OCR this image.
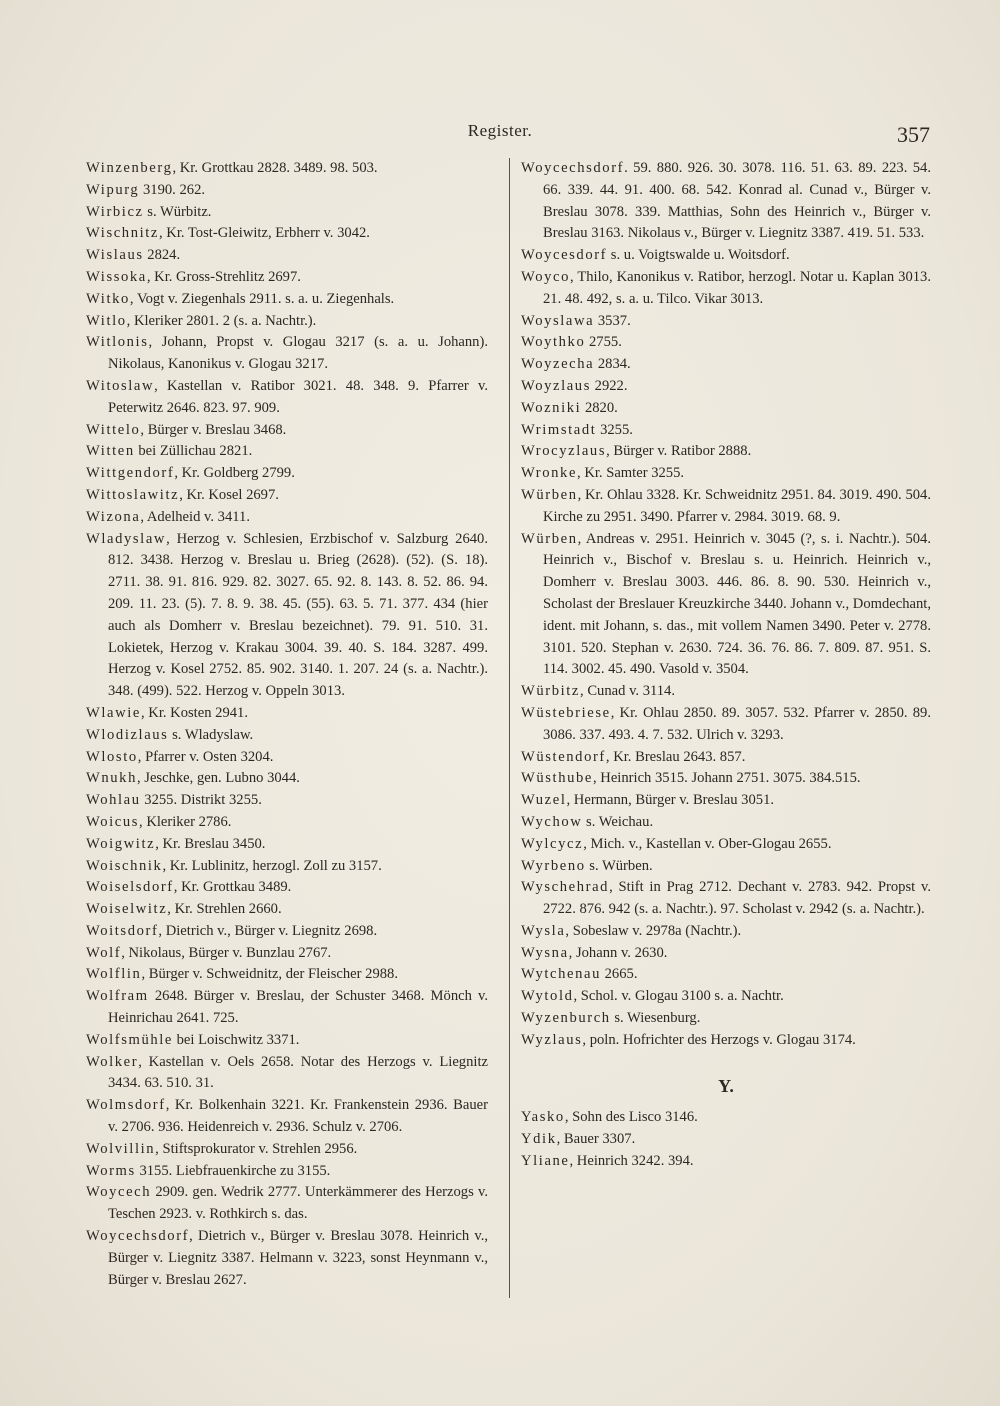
Register.	357
Winzenberg, Kr. Grottkau 2828. 3489. 98. 503.
Wipurg 3190. 262.
Wirbicz s. Würbitz.
Wischnitz, Kr. Tost-Gleiwitz, Erbherr v. 3042.
Wislaus 2824.
Wissoka, Kr. Gross-Strehlitz 2697.
Witko, Vogt v. Ziegenhals 2911. s. a. u. Ziegenhals.
Witlo, Kleriker 2801. 2 (s. a. Nachtr.).
Witlonis, Johann, Propst v. Glogau 3217 (s. a. u. Johann). Nikolaus, Kanonikus v. Glogau 3217.
Witoslaw, Kastellan v. Ratibor 3021. 48. 348. 9. Pfarrer v. Peterwitz 2646. 823. 97. 909.
Wittelo, Bürger v. Breslau 3468.
Witten bei Züllichau 2821.
Wittgendorf, Kr. Goldberg 2799.
Wittoslawitz, Kr. Kosel 2697.
Wizona, Adelheid v. 3411.
Wladyslaw, Herzog v. Schlesien, Erzbischof v. Salzburg 2640. 812. 3438. Herzog v. Breslau u. Brieg (2628). (52). (S. 18). 2711. 38. 91. 816. 929. 82. 3027. 65. 92. 8. 143. 8. 52. 86. 94. 209. 11. 23. (5). 7. 8. 9. 38. 45. (55). 63. 5. 71. 377. 434 (hier auch als Domherr v. Breslau bezeichnet). 79. 91. 510. 31. Lokietek, Herzog v. Krakau 3004. 39. 40. S. 184. 3287. 499. Herzog v. Kosel 2752. 85. 902. 3140. 1. 207. 24 (s. a. Nachtr.). 348. (499). 522. Herzog v. Oppeln 3013.
Wlawie, Kr. Kosten 2941.
Wlodizlaus s. Wladyslaw.
Wlosto, Pfarrer v. Osten 3204.
Wnukh, Jeschke, gen. Lubno 3044.
Wohlau 3255. Distrikt 3255.
Woicus, Kleriker 2786.
Woigwitz, Kr. Breslau 3450.
Woischnik, Kr. Lublinitz, herzogl. Zoll zu 3157.
Woiselsdorf, Kr. Grottkau 3489.
Woiselwitz, Kr. Strehlen 2660.
Woitsdorf, Dietrich v., Bürger v. Liegnitz 2698.
Wolf, Nikolaus, Bürger v. Bunzlau 2767.
Wolflin, Bürger v. Schweidnitz, der Fleischer 2988.
Wolfram 2648. Bürger v. Breslau, der Schuster 3468. Mönch v. Heinrichau 2641. 725.
Wolfsmühle bei Loischwitz 3371.
Wolker, Kastellan v. Oels 2658. Notar des Herzogs v. Liegnitz 3434. 63. 510. 31.
Wolmsdorf, Kr. Bolkenhain 3221. Kr. Frankenstein 2936. Bauer v. 2706. 936. Heidenreich v. 2936. Schulz v. 2706.
Wolvillin, Stiftsprokurator v. Strehlen 2956.
Worms 3155. Liebfrauenkirche zu 3155.
Woycech 2909. gen. Wedrik 2777. Unterkämmerer des Herzogs v. Teschen 2923. v. Rothkirch s. das.
Woycechsdorf, Dietrich v., Bürger v. Breslau 3078. Heinrich v., Bürger v. Liegnitz 3387. Helmann v. 3223, sonst Heynmann v., Bürger v. Breslau 2627.
Woycechsdorf. 59. 880. 926. 30. 3078. 116. 51. 63. 89. 223. 54. 66. 339. 44. 91. 400. 68. 542. Konrad al. Cunad v., Bürger v. Breslau 3078. 339. Matthias, Sohn des Heinrich v., Bürger v. Breslau 3163. Nikolaus v., Bürger v. Liegnitz 3387. 419. 51. 533.
Woycesdorf s. u. Voigtswalde u. Woitsdorf.
Woyco, Thilo, Kanonikus v. Ratibor, herzogl. Notar u. Kaplan 3013. 21. 48. 492, s. a. u. Tilco. Vikar 3013.
Woyslawa 3537.
Woythko 2755.
Woyzecha 2834.
Woyzlaus 2922.
Wozniki 2820.
Wrimstadt 3255.
Wrocyzlaus, Bürger v. Ratibor 2888.
Wronke, Kr. Samter 3255.
Würben, Kr. Ohlau 3328. Kr. Schweidnitz 2951. 84. 3019. 490. 504. Kirche zu 2951. 3490. Pfarrer v. 2984. 3019. 68. 9.
Würben, Andreas v. 2951. Heinrich v. 3045 (?, s. i. Nachtr.). 504. Heinrich v., Bischof v. Breslau s. u. Heinrich. Heinrich v., Domherr v. Breslau 3003. 446. 86. 8. 90. 530. Heinrich v., Scholast der Breslauer Kreuzkirche 3440. Johann v., Domdechant, ident. mit Johann, s. das., mit vollem Namen 3490. Peter v. 2778. 3101. 520. Stephan v. 2630. 724. 36. 76. 86. 7. 809. 87. 951. S. 114. 3002. 45. 490. Vasold v. 3504.
Würbitz, Cunad v. 3114.
Wüstebriese, Kr. Ohlau 2850. 89. 3057. 532. Pfarrer v. 2850. 89. 3086. 337. 493. 4. 7. 532. Ulrich v. 3293.
Wüstendorf, Kr. Breslau 2643. 857.
Wüsthube, Heinrich 3515. Johann 2751. 3075. 384.515.
Wuzel, Hermann, Bürger v. Breslau 3051.
Wychow s. Weichau.
Wylcycz, Mich. v., Kastellan v. Ober-Glogau 2655.
Wyrbeno s. Würben.
Wyschehrad, Stift in Prag 2712. Dechant v. 2783. 942. Propst v. 2722. 876. 942 (s. a. Nachtr.). 97. Scholast v. 2942 (s. a. Nachtr.).
Wysla, Sobeslaw v. 2978a (Nachtr.).
Wysna, Johann v. 2630.
Wytchenau 2665.
Wytold, Schol. v. Glogau 3100 s. a. Nachtr.
Wyzenburch s. Wiesenburg.
Wyzlaus, poln. Hofrichter des Herzogs v. Glogau 3174.
Y.
Yasko, Sohn des Lisco 3146.
Ydik, Bauer 3307.
Yliane, Heinrich 3242. 394.
